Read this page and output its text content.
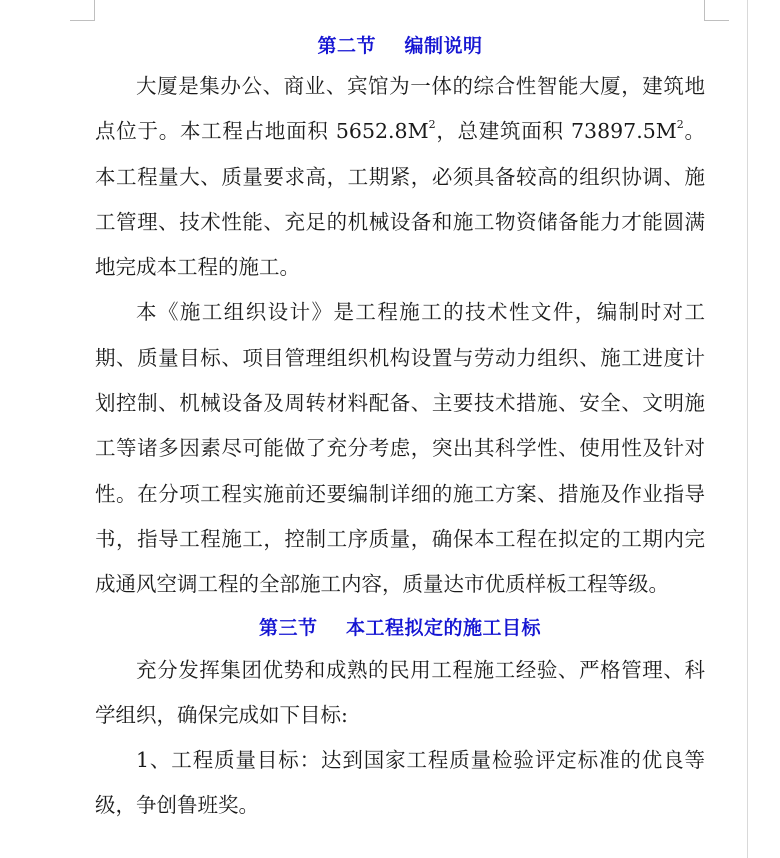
第二节    编制说明

大厦是集办公、商业、宾馆为一体的综合性智能大厦，建筑地点位于。本工程占地面积 $5652.8M^2$，总建筑面积 $73897.5M^2$。本工程量大、质量要求高，工期紧，必须具备较高的组织协调、施工管理、技术性能、充足的机械设备和施工物资储备能力才能圆满地完成本工程的施工。

本《施工组织设计》是工程施工的技术性文件，编制时对工期、质量目标、项目管理组织机构设置与劳动力组织、施工进度计划控制、机械设备及周转材料配备、主要技术措施、安全、文明施工等诸多因素尽可能做了充分考虑，突出其科学性、使用性及针对性。在分项工程实施前还要编制详细的施工方案、措施及作业指导书，指导工程施工，控制工序质量，确保本工程在拟定的工期内完成通风空调工程的全部施工内容，质量达市优质样板工程等级。

第三节    本工程拟定的施工目标

充分发挥集团优势和成熟的民用工程施工经验、严格管理、科学组织，确保完成如下目标:

1、工程质量目标：达到国家工程质量检验评定标准的优良等级，争创鲁班奖。
